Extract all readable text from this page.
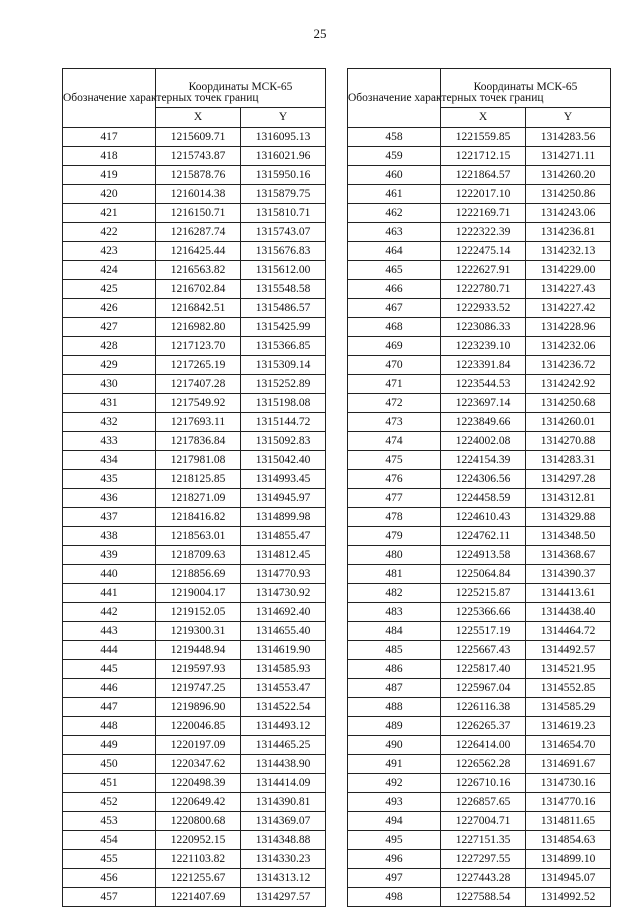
25
Обозначение характерных точек границ	Координаты МСК-65	
	X	Y
417	1215609.71	1316095.13
418	1215743.87	1316021.96
419	1215878.76	1315950.16
420	1216014.38	1315879.75
421	1216150.71	1315810.71
422	1216287.74	1315743.07
423	1216425.44	1315676.83
424	1216563.82	1315612.00
425	1216702.84	1315548.58
426	1216842.51	1315486.57
427	1216982.80	1315425.99
428	1217123.70	1315366.85
429	1217265.19	1315309.14
430	1217407.28	1315252.89
431	1217549.92	1315198.08
432	1217693.11	1315144.72
433	1217836.84	1315092.83
434	1217981.08	1315042.40
435	1218125.85	1314993.45
436	1218271.09	1314945.97
437	1218416.82	1314899.98
438	1218563.01	1314855.47
439	1218709.63	1314812.45
440	1218856.69	1314770.93
441	1219004.17	1314730.92
442	1219152.05	1314692.40
443	1219300.31	1314655.40
444	1219448.94	1314619.90
445	1219597.93	1314585.93
446	1219747.25	1314553.47
447	1219896.90	1314522.54
448	1220046.85	1314493.12
449	1220197.09	1314465.25
450	1220347.62	1314438.90
451	1220498.39	1314414.09
452	1220649.42	1314390.81
453	1220800.68	1314369.07
454	1220952.15	1314348.88
455	1221103.82	1314330.23
456	1221255.67	1314313.12
457	1221407.69	1314297.57
Обозначение характерных точек границ	Координаты МСК-65	
	X	Y
458	1221559.85	1314283.56
459	1221712.15	1314271.11
460	1221864.57	1314260.20
461	1222017.10	1314250.86
462	1222169.71	1314243.06
463	1222322.39	1314236.81
464	1222475.14	1314232.13
465	1222627.91	1314229.00
466	1222780.71	1314227.43
467	1222933.52	1314227.42
468	1223086.33	1314228.96
469	1223239.10	1314232.06
470	1223391.84	1314236.72
471	1223544.53	1314242.92
472	1223697.14	1314250.68
473	1223849.66	1314260.01
474	1224002.08	1314270.88
475	1224154.39	1314283.31
476	1224306.56	1314297.28
477	1224458.59	1314312.81
478	1224610.43	1314329.88
479	1224762.11	1314348.50
480	1224913.58	1314368.67
481	1225064.84	1314390.37
482	1225215.87	1314413.61
483	1225366.66	1314438.40
484	1225517.19	1314464.72
485	1225667.43	1314492.57
486	1225817.40	1314521.95
487	1225967.04	1314552.85
488	1226116.38	1314585.29
489	1226265.37	1314619.23
490	1226414.00	1314654.70
491	1226562.28	1314691.67
492	1226710.16	1314730.16
493	1226857.65	1314770.16
494	1227004.71	1314811.65
495	1227151.35	1314854.63
496	1227297.55	1314899.10
497	1227443.28	1314945.07
498	1227588.54	1314992.52
